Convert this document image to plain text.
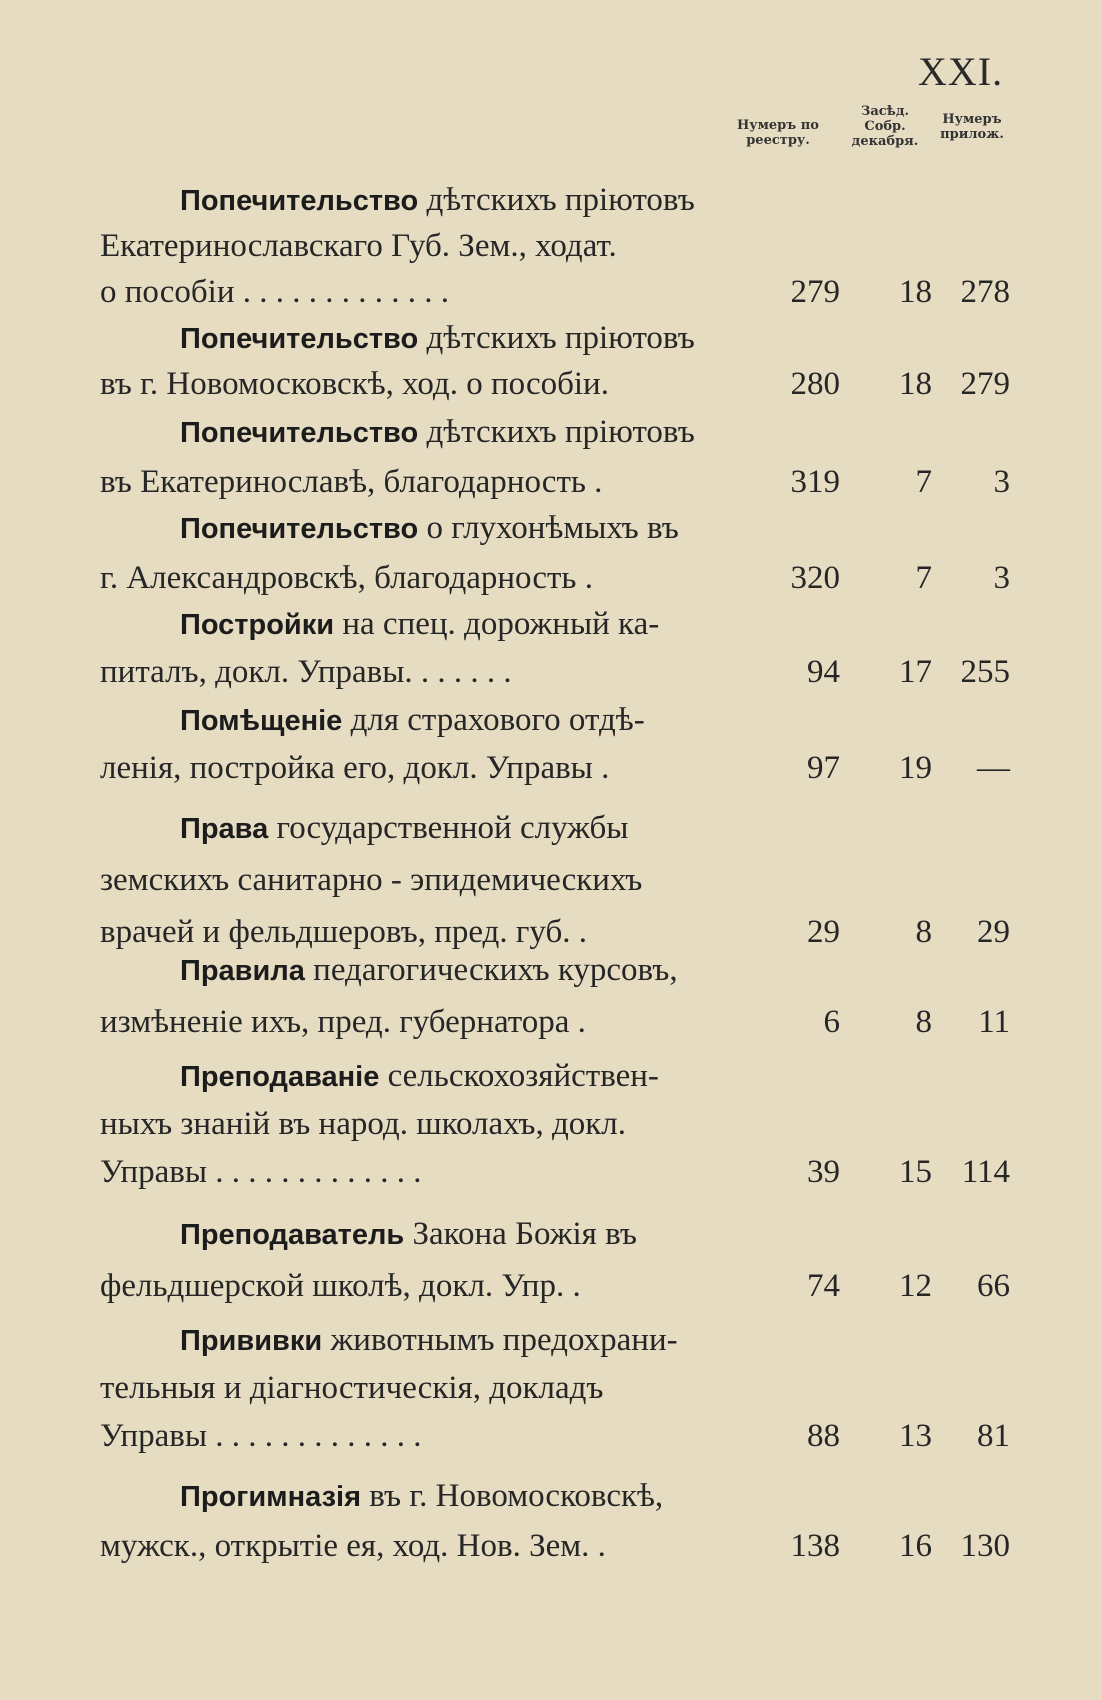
XXI.
Нумеръ по реестру.
Засѣд. Собр. декабря.
Нумеръ прилож.
Попечительство дѣтскихъ пріютовъ
Екатеринославскаго Губ. Зем., ходат.
о пособіи . . . . . . . . . . . . .	279	18 278
Попечительство дѣтскихъ пріютовъ
въ г. Новомосковскѣ, ход. о пособіи.	280	18 279
Попечительство дѣтскихъ пріютовъ
въ Екатеринославѣ, благодарность .	319	7	3
Попечительство о глухонѣмыхъ въ
г. Александровскѣ, благодарность .	320	7	3
Постройки на спец. дорожный ка-
питалъ, докл. Управы. . . . . . .	94	17 255
Помѣщеніе для страхового отдѣ-
ленія, постройка его, докл. Управы .	97	19	—
Права государственной службы
земскихъ санитарно - эпидемическихъ
врачей и фельдшеровъ, пред. губ. .	29	8	29
Правила педагогическихъ курсовъ,
измѣненіе ихъ, пред. губернатора .	6	8	11
Преподаваніе сельскохозяйствен-
ныхъ знаній въ народ. школахъ, докл.
Управы . . . . . . . . . . . . .	39	15 114
Преподаватель Закона Божія въ
фельдшерской школѣ, докл. Упр. .	74	12	66
Прививки животнымъ предохрани-
тельныя и діагностическія, докладъ
Управы . . . . . . . . . . . . .	88	13	81
Прогимназія въ г. Новомосковскѣ,
мужск., открытіе ея, ход. Нов. Зем. .	138	16 130
